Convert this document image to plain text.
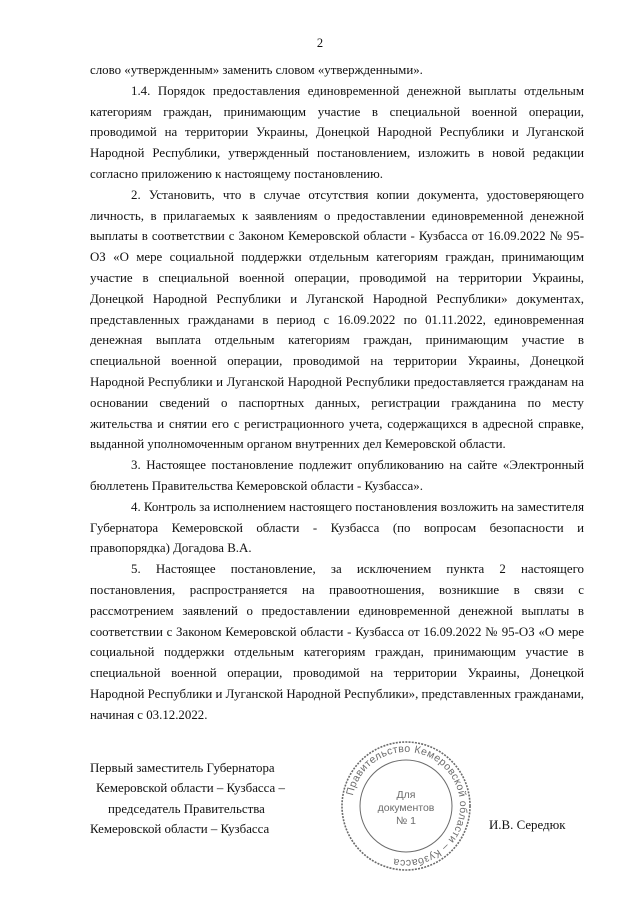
2

слово «утвержденным» заменить словом «утвержденными».

1.4. Порядок предоставления единовременной денежной выплаты отдельным категориям граждан, принимающим участие в специальной военной операции, проводимой на территории Украины, Донецкой Народной Республики и Луганской Народной Республики, утвержденный постановлением, изложить в новой редакции согласно приложению к настоящему постановлению.

2. Установить, что в случае отсутствия копии документа, удостоверяющего личность, в прилагаемых к заявлениям о предоставлении единовременной денежной выплаты в соответствии с Законом Кемеровской области - Кузбасса от 16.09.2022 № 95-ОЗ «О мере социальной поддержки отдельным категориям граждан, принимающим участие в специальной военной операции, проводимой на территории Украины, Донецкой Народной Республики и Луганской Народной Республики» документах, представленных гражданами в период с 16.09.2022 по 01.11.2022, единовременная денежная выплата отдельным категориям граждан, принимающим участие в специальной военной операции, проводимой на территории Украины, Донецкой Народной Республики и Луганской Народной Республики предоставляется гражданам на основании сведений о паспортных данных, регистрации гражданина по месту жительства и снятии его с регистрационного учета, содержащихся в адресной справке, выданной уполномоченным органом внутренних дел Кемеровской области.

3. Настоящее постановление подлежит опубликованию на сайте «Электронный бюллетень Правительства Кемеровской области - Кузбасса».

4. Контроль за исполнением настоящего постановления возложить на заместителя Губернатора Кемеровской области - Кузбасса (по вопросам безопасности и правопорядка) Догадова В.А.

5. Настоящее постановление, за исключением пункта 2 настоящего постановления, распространяется на правоотношения, возникшие в связи с рассмотрением заявлений о предоставлении единовременной денежной выплаты в соответствии с Законом Кемеровской области - Кузбасса от 16.09.2022 № 95-ОЗ «О мере социальной поддержки отдельным категориям граждан, принимающим участие в специальной военной операции, проводимой на территории Украины, Донецкой Народной Республики и Луганской Народной Республики», представленных гражданами, начиная с 03.12.2022.

Первый заместитель Губернатора
Кемеровской области – Кузбасса –
председатель Правительства
Кемеровской области – Кузбасса
Правительство Кемеровской области – Кузбасса
Для
документов
№ 1	И.В. Середюк
